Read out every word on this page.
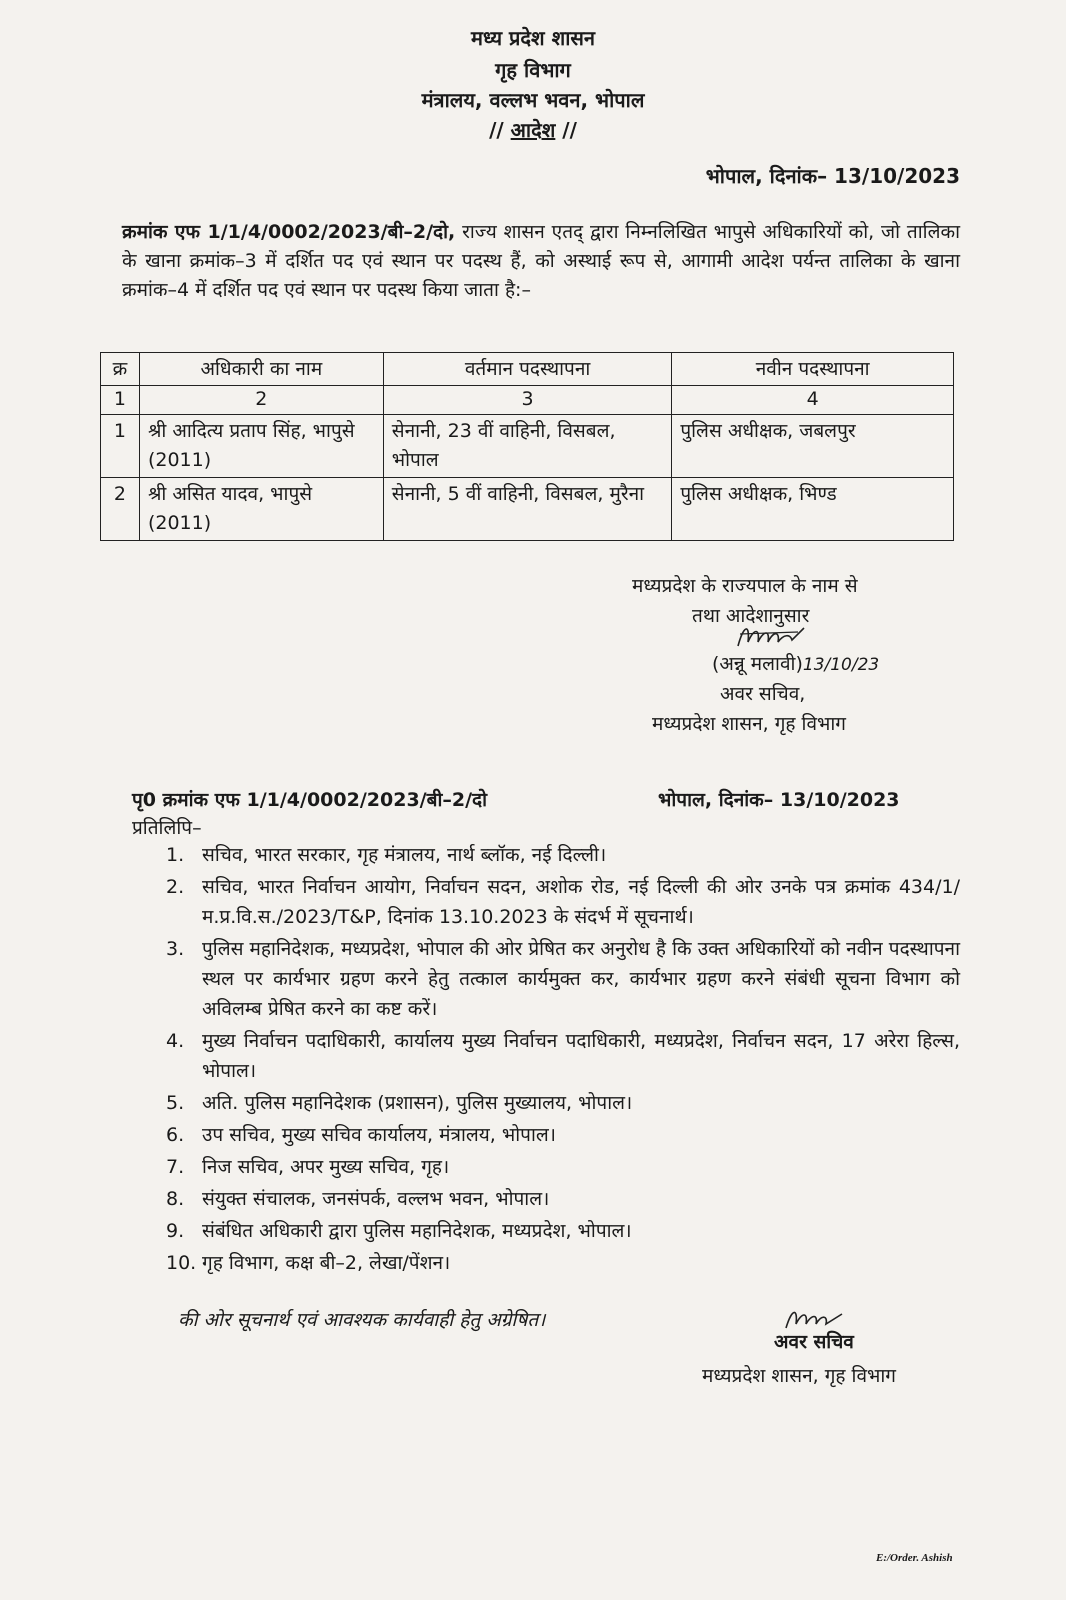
मध्य प्रदेश शासन
गृह विभाग
मंत्रालय, वल्लभ भवन, भोपाल
// आदेश //
भोपाल, दिनांक– 13/10/2023
क्रमांक एफ 1/1/4/0002/2023/बी–2/दो, राज्य शासन एतद् द्वारा निम्नलिखित भापुसे अधिकारियों को, जो तालिका के खाना क्रमांक–3 में दर्शित पद एवं स्थान पर पदस्थ हैं, को अस्थाई रूप से, आगामी आदेश पर्यन्त तालिका के खाना क्रमांक–4 में दर्शित पद एवं स्थान पर पदस्थ किया जाता है:–
क्र	अधिकारी का नाम	वर्तमान पदस्थापना	नवीन पदस्थापना
1	2	3	4
1	श्री आदित्य प्रताप सिंह, भापुसे (2011)	सेनानी, 23 वीं वाहिनी, विसबल, भोपाल	पुलिस अधीक्षक, जबलपुर
2	श्री असित यादव, भापुसे (2011)	सेनानी, 5 वीं वाहिनी, विसबल, मुरैना	पुलिस अधीक्षक, भिण्ड
मध्यप्रदेश के राज्यपाल के नाम से
तथा आदेशानुसार
(अन्नू मलावी)13/10/23
अवर सचिव,
मध्यप्रदेश शासन, गृह विभाग
पृ0 क्रमांक एफ 1/1/4/0002/2023/बी–2/दो	भोपाल, दिनांक– 13/10/2023
प्रतिलिपि–
1. सचिव, भारत सरकार, गृह मंत्रालय, नार्थ ब्लॉक, नई दिल्ली।
2. सचिव, भारत निर्वाचन आयोग, निर्वाचन सदन, अशोक रोड, नई दिल्ली की ओर उनके पत्र क्रमांक 434/1/म.प्र.वि.स./2023/T&P, दिनांक 13.10.2023 के संदर्भ में सूचनार्थ।
3. पुलिस महानिदेशक, मध्यप्रदेश, भोपाल की ओर प्रेषित कर अनुरोध है कि उक्त अधिकारियों को नवीन पदस्थापना स्थल पर कार्यभार ग्रहण करने हेतु तत्काल कार्यमुक्त कर, कार्यभार ग्रहण करने संबंधी सूचना विभाग को अविलम्ब प्रेषित करने का कष्ट करें।
4. मुख्य निर्वाचन पदाधिकारी, कार्यालय मुख्य निर्वाचन पदाधिकारी, मध्यप्रदेश, निर्वाचन सदन, 17 अरेरा हिल्स, भोपाल।
5. अति. पुलिस महानिदेशक (प्रशासन), पुलिस मुख्यालय, भोपाल।
6. उप सचिव, मुख्य सचिव कार्यालय, मंत्रालय, भोपाल।
7. निज सचिव, अपर मुख्य सचिव, गृह।
8. संयुक्त संचालक, जनसंपर्क, वल्लभ भवन, भोपाल।
9. संबंधित अधिकारी द्वारा पुलिस महानिदेशक, मध्यप्रदेश, भोपाल।
10. गृह विभाग, कक्ष बी–2, लेखा/पेंशन।
की ओर सूचनार्थ एवं आवश्यक कार्यवाही हेतु अग्रेषित।
अवर सचिव
मध्यप्रदेश शासन, गृह विभाग
E:/Order. Ashish
